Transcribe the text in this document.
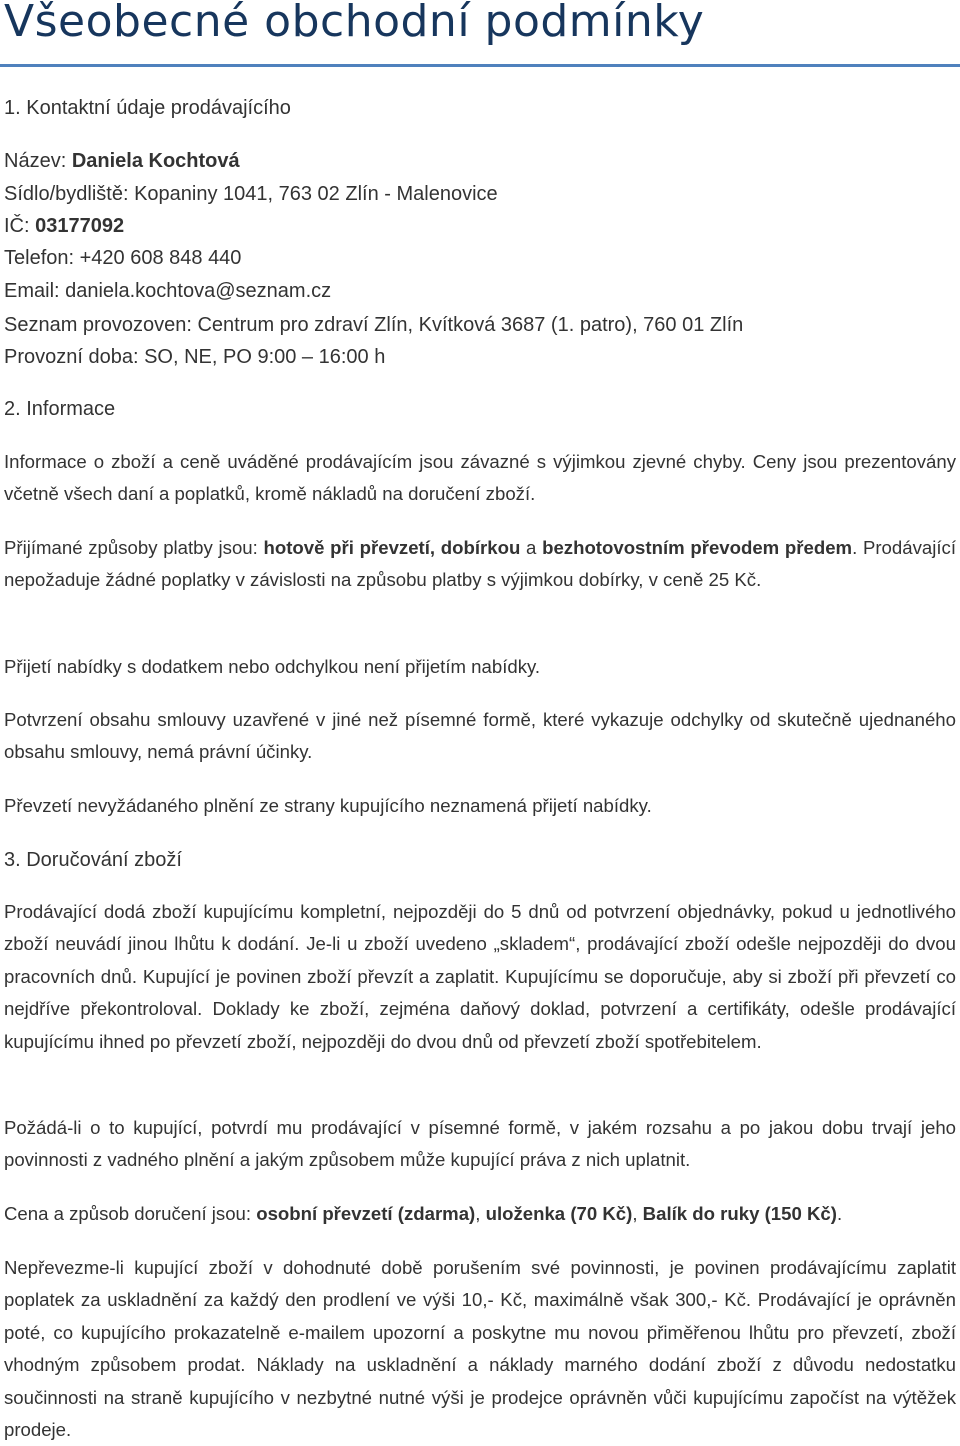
Všeobecné obchodní podmínky
1. Kontaktní údaje prodávajícího
Název: Daniela Kochtová
Sídlo/bydliště: Kopaniny 1041, 763 02 Zlín - Malenovice
IČ: 03177092
Telefon: +420 608 848 440
Email: daniela.kochtova@seznam.cz
Seznam provozoven: Centrum pro zdraví Zlín, Kvítková 3687 (1. patro), 760 01 Zlín
Provozní doba: SO, NE, PO 9:00 – 16:00 h
2. Informace

Informace o zboží a ceně uváděné prodávajícím jsou závazné s výjimkou zjevné chyby. Ceny jsou prezentovány včetně všech daní a poplatků, kromě nákladů na doručení zboží.

Přijímané způsoby platby jsou: hotově při převzetí, dobírkou a bezhotovostním převodem předem. Prodávající nepožaduje žádné poplatky v závislosti na způsobu platby s výjimkou dobírky, v ceně 25 Kč.

Přijetí nabídky s dodatkem nebo odchylkou není přijetím nabídky.

Potvrzení obsahu smlouvy uzavřené v jiné než písemné formě, které vykazuje odchylky od skutečně ujednaného obsahu smlouvy, nemá právní účinky.

Převzetí nevyžádaného plnění ze strany kupujícího neznamená přijetí nabídky.

3. Doručování zboží

Prodávající dodá zboží kupujícímu kompletní, nejpozději do 5 dnů od potvrzení objednávky, pokud u jednotlivého zboží neuvádí jinou lhůtu k dodání. Je-li u zboží uvedeno „skladem“, prodávající zboží odešle nejpozději do dvou pracovních dnů. Kupující je povinen zboží převzít a zaplatit. Kupujícímu se doporučuje, aby si zboží při převzetí co nejdříve překontroloval. Doklady ke zboží, zejména daňový doklad, potvrzení a certifikáty, odešle prodávající kupujícímu ihned po převzetí zboží, nejpozději do dvou dnů od převzetí zboží spotřebitelem.

Požádá-li o to kupující, potvrdí mu prodávající v písemné formě, v jakém rozsahu a po jakou dobu trvají jeho povinnosti z vadného plnění a jakým způsobem může kupující práva z nich uplatnit.

Cena a způsob doručení jsou: osobní převzetí (zdarma), uloženka (70 Kč), Balík do ruky (150 Kč).

Nepřevezme-li kupující zboží v dohodnuté době porušením své povinnosti, je povinen prodávajícímu zaplatit poplatek za uskladnění za každý den prodlení ve výši 10,- Kč, maximálně však 300,- Kč. Prodávající je oprávněn poté, co kupujícího prokazatelně e-mailem upozorní a poskytne mu novou přiměřenou lhůtu pro převzetí, zboží vhodným způsobem prodat. Náklady na uskladnění a náklady marného dodání zboží z důvodu nedostatku součinnosti na straně kupujícího v nezbytné nutné výši je prodejce oprávněn vůči kupujícímu započíst na výtěžek prodeje.
